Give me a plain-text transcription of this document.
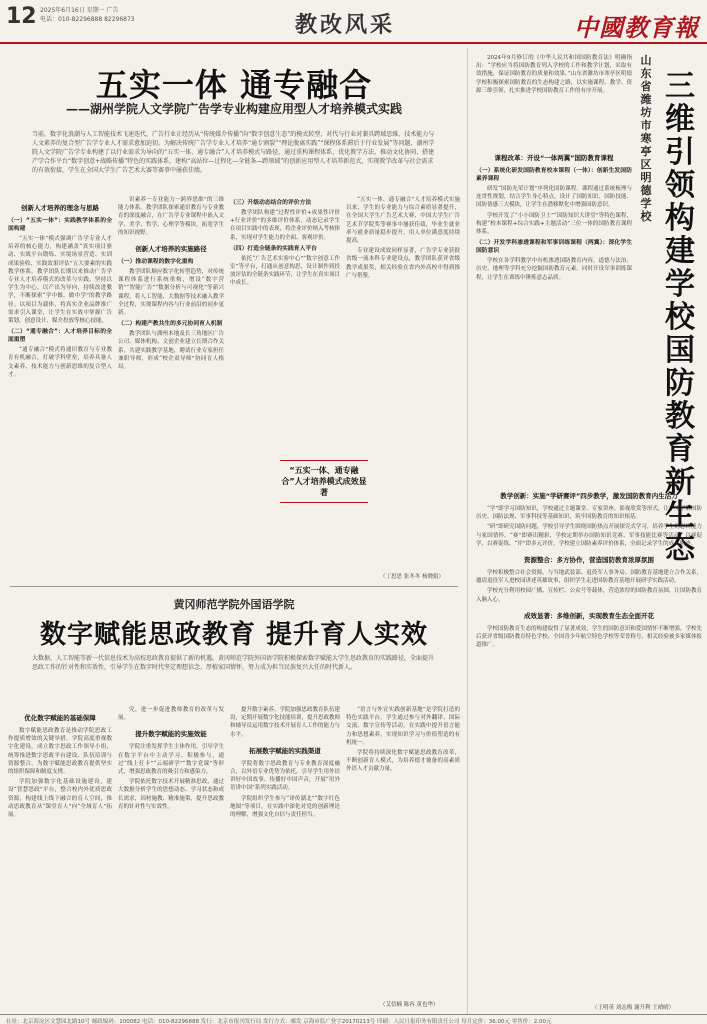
12 2025年6月16日 星期一 广告
电话：010-82296888 82296873	教改风采	中國教育報
五实一体 通专融合
——湖州学院人文学院广告学专业构建应用型人才培养模式实践
当前，数字化浪潮与人工智能技术飞速迭代，广告行业正经历从“传统媒介传播”向“数字创意生态”的模式转型，对代与行业对兼具跨域思维、技术能力与人文素养的复合型广告学专业人才需求愈加迫切。为解决传统广告学专业人才培养“通专割裂”“理论脱离实践”“课程体系滞后于行业发展”等问题，湖州学院人文学院广告学专业构建了以行业需求为导向的“五实一体、通专融合”人才培养模式与路径，通过重构课程体系、优化教学方法、推动文化协同、搭建产学合作平台“数字创意+战略传播”特色的实践体系，建构“高站位—过程化—全链条—跨领域”的创新应用型人才培养新范式，实现教学改革与社会需求的有效衔接，学生在全国大学生广告艺术大赛等赛事中屡获佳绩。
创新人才培养的理念与思路
（一）“五实一体”：实践教学体系的全面构建

“五实一体”模式强调广告学专业人才培养的核心能力，构建涵盖“真实项目驱动、实战平台锻炼、实境场景营造、实训成果验收、实践效果评估”五大要素的实践教学体系。教学团队长期以来推动广告学专业人才培养模式的改革与实践，坚持以学生为中心，以产出为导向，持续改进教学，不断探索“学中做、做中学”的教学路径。以项目为载体，将真实企业品牌推广需求引入课堂，让学生在实战中掌握广告策划、创意设计、媒介投放等核心技能。

（二）“通专融合”：人才培养目标的全面重塑

“通专融合”模式将通识教育与专业教育有机融合，打破学科壁垒，培养具备人文素养、技术能力与创新思维的复合型人才。

识素养一专业能力一跨界思维”的三维能力体系。教学团队探索通识教育与专业教育的深度融合，在广告学专业课程中嵌入文学、美学、哲学、心理学等模块，拓宽学生的知识视野。

创新人才培养的实施路径
（一）推动课程的数字化重构

教学团队顺应数字化转型趋势，对传统课程体系进行系统重构，增设“数字营销”“智能广告”“数据分析与可视化”等新兴课程，将人工智能、大数据等技术融入教学全过程，实现课程内容与行业前沿的同步更新。

（二）构建产教共生的多元协同育人机制

教学团队与湖州本地及长三角地区广告公司、媒体机构、文创企业建立长期合作关系，共建实践教学基地，聘请行业专家担任兼职导师，形成“校企双导师”协同育人格局。

（三）升级动态结合的评价方法

教学团队构建“过程性评价+成果性评价+行业评价”的多维评价体系，动态记录学生在项目实践中的表现，将企业评价纳入考核体系，实现对学生能力的全面、客观评价。

（四）打造全链条的实践育人平台

依托“广告艺术实验中心”“数字创意工作室”等平台，打通从创意构思、设计制作到投放评估的全链条实践环节，让学生在真实项目中成长。

“五实一体、通专融合”人才培养模式成效显著

“五实一体、通专融合”人才培养模式实施以来，学生的专业能力与综合素质显著提升，在全国大学生广告艺术大赛、中国大学生广告艺术节学院奖等赛事中屡获佳绩，毕业生就业率与就业质量稳步提升，用人单位满意度持续提高。

专业建设成效同样显著，广告学专业获批省级一流本科专业建设点，教学团队获评省级教学成果奖，相关经验在省内外高校中得到推广与借鉴。

（丁思思 张冬冬 杨晓娟）
黄冈师范学院外国语学院
数字赋能思政教育 提升育人实效
大数据、人工智能等新一代信息技术为高校思政教育提供了新的机遇。黄冈师范学院外国语学院积极探索数字赋能大学生思政教育的实践路径，全面提升思政工作的针对性和实效性，引导学生在数字时代坚定理想信念、厚植家国情怀，努力成为担当民族复兴大任的时代新人。
优化数字赋能的基础保障

数字赋能思政教育是推动学院思政工作提质增效的关键举措。学院高度重视数字化建设，成立数字思政工作领导小组，统筹推进数字思政平台建设、队伍培训与资源整合，为数字赋能思政教育提供坚实的组织保障和制度支撑。

学院加强数字化基础设施建设，建设“智慧思政”平台，整合校内外优质思政资源，构建线上线下融合的育人空间，推动思政教育从“课堂育人”向“全域育人”拓展。

究，进一步促进教师教育的改革与发展。

提升数字赋能的实施效能

学院注重发挥学生主体作用，引导学生在数字平台中主动学习、积极参与，通过“线上打卡”“云端研学”“数字党课”等形式，增强思政教育的吸引力和感染力。

学院依托数字技术开展精准思政，通过大数据分析学生的思想动态、学习状态和成长需求，因材施教、精准施策，提升思政教育的针对性与实效性。

提升数字素养。学院加强思政教育队伍建设，定期开展数字化技能培训，提升思政教师和辅导员运用数字技术开展育人工作的能力与水平。

拓展数字赋能的实践渠道

学院将数字思政教育与专业教育深度融合，以外语专业优势为依托，引导学生用外语讲好中国故事、传播好中国声音，开展“用外语讲中国”系列实践活动。

学院组织学生参与“译传湖北”“数字红色地图”等项目，在实践中深化对党的创新理论的理解，增强文化自信与责任担当。

“语言与外宣实践创新基地”是学院打造的特色实践平台。学生通过参与对外翻译、国际交流、数字宣传等活动，在实践中提升语言能力和思想素养，实现知识学习与价值塑造的有机统一。

学院将持续深化数字赋能思政教育改革，不断创新育人模式，为培养德才兼备的高素质外语人才贡献力量。

（艾信楠 陈容 黄也华）

2024年9月修订的《中华人民共和国国防教育法》明确指出：“学校应当将国防教育列入学校的工作和教学计划，采取有效措施，保证国防教育的质量和效果。”山东省潍坊市寒亭区明德学校积极探索国防教育的生态构建之路，以实施课程、教学、资源三维引领，扎实推进学校国防教育工作的有序开展。

课程改革：开设“一体两翼”国防教育课程
（一）系统化研发国防教育校本课程（一体）：创新生发国防素养课程

研发“国防光荣计划”序列化国防课程。课程通过系统梳理与连贯性规划，结合学生身心特点，设计了国防知识、国防技能、国防情感三大模块，让学生在潜移默化中增强国防意识。

学校开发了“小小国防卫士”“国防知识大讲堂”等特色课程，构建“校本课程+综合实践+主题活动”三位一体的国防教育课程体系。

（二）开发学科渗透课程和军事训练课程（两翼）：深化学生国防意识

学校在各学科教学中有机渗透国防教育内容，道德与法治、历史、地理等学科充分挖掘国防教育元素，同时开设军事训练课程，让学生在训练中锤炼意志品质。

教学创新：实施“学研赛评”四步教学，激发国防教育内生活力

“学”即学习国防知识，学校通过主题课堂、专家讲座、影视欣赏等形式，让学生了解国防历史、国防法规、军事科技等基础知识，筑牢国防教育的知识根基。

“研”即研究国防问题，学校引导学生围绕国防热点开展探究式学习，培养学生的思辨能力与家国情怀。“赛”即赛出精彩，学校定期举办国防知识竞赛、军事技能比赛等活动，以赛促学、以赛促练。“评”即多元评价，学校建立国防素养评价体系，全面记录学生的成长轨迹。

资源整合：多方协作，营造国防教育浓厚氛围

学校积极整合社会资源，与当地武装部、退役军人事务局、国防教育基地建立合作关系，邀请退役军人进校园讲述英雄故事，组织学生走进国防教育基地开展研学实践活动。

学校充分利用校园广播、宣传栏、公众号等载体，营造浓厚的国防教育氛围，让国防教育入脑入心。

成效显著：多维创新，实现教育生态全面开花

学校国防教育生态的构建取得了显著成效，学生的国防意识和爱国情怀不断增强，学校先后获评省级国防教育特色学校、全国青少年航空特色学校等荣誉称号，相关经验被多家媒体报道推广。

（王明英 刘志梅 谢升利 王晴晴）
山东省潍坊市寒亭区明德学校
三维引领 构建学校国防教育新生态
社址：北京海淀区文慧园北路10号 邮政编码：100082 电话：010-82296888 发行：北京市报刊发行局 发行方式：邮发 京海市监广登字20170213号 印刷：人民日报印务有限责任公司 每月定价：36.00元 零售价：2.00元
